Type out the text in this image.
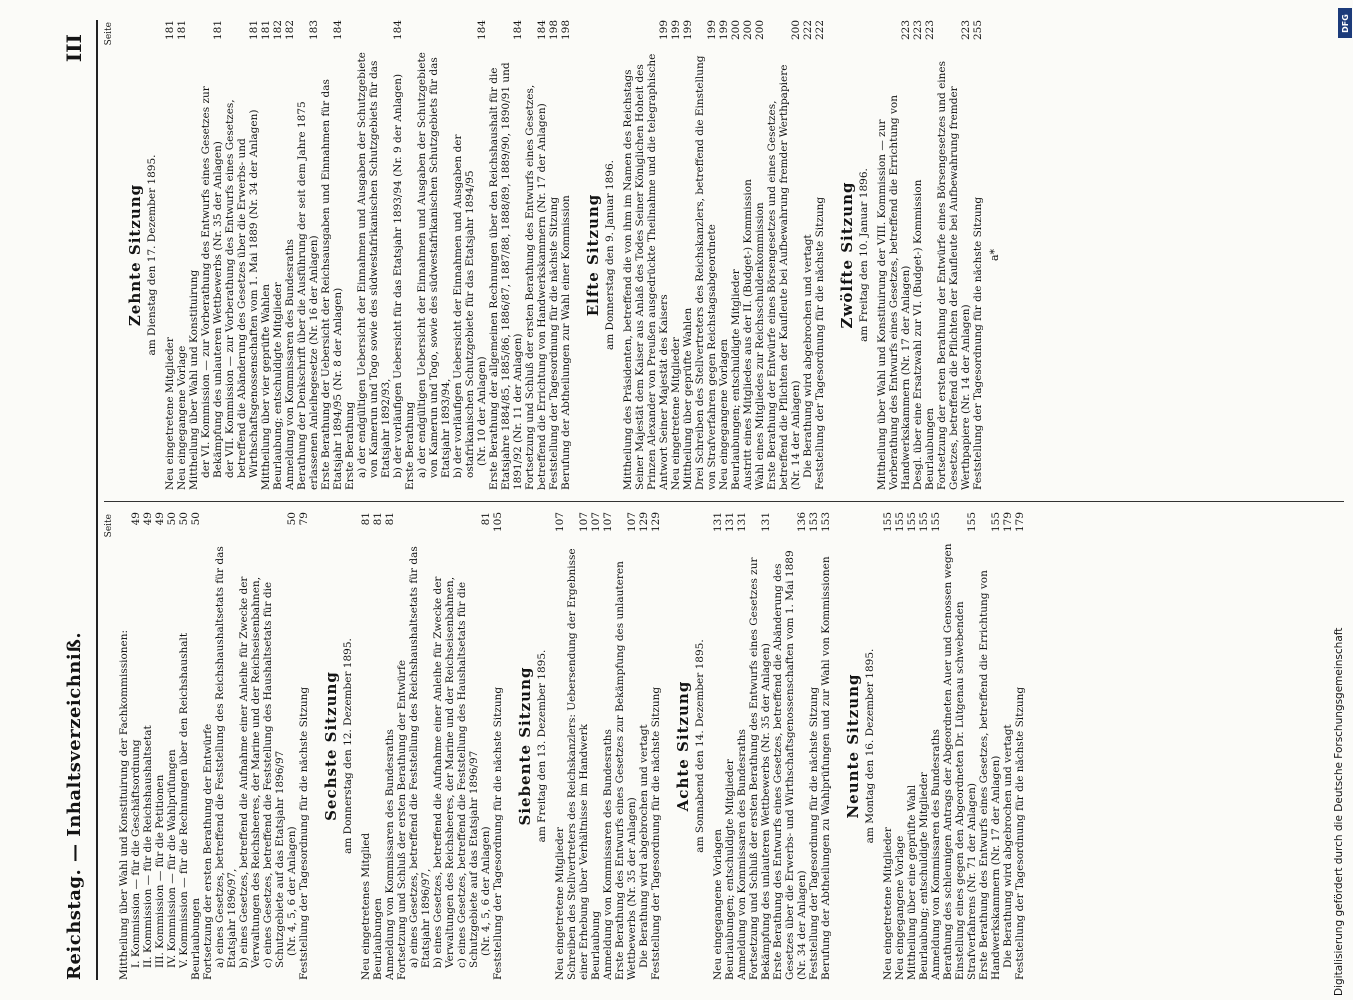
Reichstag. — Inhaltsverzeichniß.
III
Seite
Mittheilung über Wahl und Konstituirung der Fachkommissionen: I. Kommission — für die Geschäftsordnung
49
II. Kommission — für die Reichshaushaltsetat
49
III. Kommission — für die Petitionen
49
IV. Kommission — für die Wahlprüfungen
50
V. Kommission — für die Rechnungen über den Reichshaushalt
50
Beurlaubungen
50
Fortsetzung der ersten Berathung der Entwürfe a) eines Gesetzes, betreffend die Feststellung des Reichshaushaltsetats für das Etatsjahr 1896/97, b) eines Gesetzes, betreffend die Aufnahme einer Anleihe für Zwecke der Verwaltungen des Reichsheeres, der Marine und der Reichseisenbahnen, c) eines Gesetzes, betreffend die Feststellung des Haushaltsetats für die Schutzgebiete auf das Etatsjahr 1896/97 (Nr. 4, 5, 6 der Anlagen)
50
Feststellung der Tagesordnung für die nächste Sitzung
79
Sechste Sitzung am Donnerstag den 12. Dezember 1895.
Neu eingetretenes Mitglied
81
Beurlaubungen
81
Anmeldung von Kommissaren des Bundesraths
81
Fortsetzung und Schluß der ersten Berathung der Entwürfe a) eines Gesetzes, betreffend die Feststellung des Reichshaushaltsetats für das Etatsjahr 1896/97, b) eines Gesetzes, betreffend die Aufnahme einer Anleihe für Zwecke der Verwaltungen des Reichsheeres, der Marine und der Reichseisenbahnen, c) eines Gesetzes, betreffend die Feststellung des Haushaltsetats für die Schutzgebiete auf das Etatsjahr 1896/97 (Nr. 4, 5, 6 der Anlagen)
81
Feststellung der Tagesordnung für die nächste Sitzung
105
Siebente Sitzung am Freitag den 13. Dezember 1895.
Neu eingetretene Mitglieder
107
Schreiben des Stellvertreters des Reichskanzlers: Uebersendung der Ergebnisse einer Erhebung über Verhältnisse im Handwerk
107
Beurlaubung
107
Anmeldung von Kommissaren des Bundesraths
107
Erste Berathung des Entwurfs eines Gesetzes zur Bekämpfung des unlauteren Wettbewerbs (Nr. 35 der Anlagen)
107
Die Berathung wird abgebrochen und vertagt
129
Feststellung der Tagesordnung für die nächste Sitzung
129
Achte Sitzung am Sonnabend den 14. Dezember 1895.
Neu eingegangene Vorlagen
131
Beurlaubungen; entschuldigte Mitglieder
131
Anmeldung von Kommissaren des Bundesraths
131
Fortsetzung und Schluß der ersten Berathung des Entwurfs eines Gesetzes zur Bekämpfung des unlauteren Wettbewerbs (Nr. 35 der Anlagen)
131
Erste Berathung des Entwurfs eines Gesetzes, betreffend die Abänderung des Gesetzes über die Erwerbs- und Wirthschaftsgenossenschaften vom 1. Mai 1889 (Nr. 34 der Anlagen)
136
Feststellung der Tagesordnung für die nächste Sitzung
153
Berufung der Abtheilungen zu Wahlprüfungen und zur Wahl von Kommissionen
153
Neunte Sitzung am Montag den 16. Dezember 1895.
Neu eingetretene Mitglieder
155
Neu eingegangene Vorlage
155
Mittheilung über eine geprüfte Wahl
155
Beurlaubung; entschuldigte Mitglieder
155
Anmeldung von Kommissaren des Bundesraths
155
Berathung des schleunigen Antrags der Abgeordneten Auer und Genossen wegen Einstellung eines gegen den Abgeordneten Dr. Lütgenau schwebenden Strafverfahrens (Nr. 71 der Anlagen)
155
Erste Berathung des Entwurfs eines Gesetzes, betreffend die Errichtung von Handwerkskammern (Nr. 17 der Anlagen)
155
Die Berathung wird abgebrochen und vertagt
179
Feststellung der Tagesordnung für die nächste Sitzung
179
Seite
Zehnte Sitzung am Dienstag den 17. Dezember 1895.
Neu eingetretene Mitglieder
181
Neu eingegangene Vorlage
181
Mittheilung über Wahl und Konstituirung der VI. Kommission — zur Vorberathung des Entwurfs eines Gesetzes zur Bekämpfung des unlauteren Wettbewerbs (Nr. 35 der Anlagen)
181
der VII. Kommission — zur Vorberathung des Entwurfs eines Gesetzes, betreffend die Abänderung des Gesetzes über die Erwerbs- und Wirthschaftsgenossenschaften vom 1. Mai 1889 (Nr. 34 der Anlagen)
181
Mittheilung über vier geprüfte Wahlen
181
Beurlaubung; entschuldigte Mitglieder
182
Anmeldung von Kommissaren des Bundesraths
182
Berathung der Denkschrift über die Ausführung der seit dem Jahre 1875 erlassenen Anleihegesetze (Nr. 16 der Anlagen)
183
Erste Berathung der Uebersicht der Reichsausgaben und Einnahmen für das Etatsjahr 1894/95 (Nr. 8 der Anlagen)
184
Erste Berathung a) der endgültigen Uebersicht der Einnahmen und Ausgaben der Schutzgebiete von Kamerun und Togo sowie des südwestafrikanischen Schutzgebiets für das Etatsjahr 1892/93, b) der vorläufigen Uebersicht für das Etatsjahr 1893/94 (Nr. 9 der Anlagen)
184
Erste Berathung a) der endgültigen Uebersicht der Einnahmen und Ausgaben der Schutzgebiete von Kamerun und Togo, sowie des südwestafrikanischen Schutzgebiets für das Etatsjahr 1893/94, b) der vorläufigen Uebersicht der Einnahmen und Ausgaben der ostafrikanischen Schutzgebiete für das Etatsjahr 1894/95 (Nr. 10 der Anlagen)
184
Erste Berathung der allgemeinen Rechnungen über den Reichshaushalt für die Etatsjahre 1884/85, 1885/86, 1886/87, 1887/88, 1888/89, 1889/90, 1890/91 und 1891/92 (Nr. 11 der Anlagen)
184
Fortsetzung und Schluß der ersten Berathung des Entwurfs eines Gesetzes, betreffend die Errichtung von Handwerkskammern (Nr. 17 der Anlagen)
184
Feststellung der Tagesordnung für die nächste Sitzung
198
Berufung der Abtheilungen zur Wahl einer Kommission
198
Elfte Sitzung am Donnerstag den 9. Januar 1896. Mittheilung des Präsidenten, betreffend die von ihm im Namen des Reichstags Seiner Majestät dem Kaiser aus Anlaß des Todes Seiner Königlichen Hoheit des Prinzen Alexander von Preußen ausgedrückte Theilnahme und die telegraphische Antwort Seiner Majestät des Kaisers
199
Neu eingetretene Mitglieder
199
Mittheilung über geprüfte Wahlen
199
Drei Schreiben des Stellvertreters des Reichskanzlers, betreffend die Einstellung von Strafverfahren gegen Reichstagsabgeordnete
199
Neu eingegangene Vorlagen
199
Beurlaubungen; entschuldigte Mitglieder
200
Austritt eines Mitgliedes aus der II. (Budget-) Kommission
200
Wahl eines Mitgliedes zur Reichsschuldenkommission
200
Erste Berathung der Entwürfe eines Börsengesetzes und eines Gesetzes, betreffend die Pflichten der Kaufleute bei Aufbewahrung fremder Werthpapiere (Nr. 14 der Anlagen)
200
Die Berathung wird abgebrochen und vertagt
222
Feststellung der Tagesordnung für die nächste Sitzung
222
Zwölfte Sitzung am Freitag den 10. Januar 1896. Mittheilung über Wahl und Konstituirung der VIII. Kommission — zur Vorberathung des Entwurfs eines Gesetzes, betreffend die Errichtung von Handwerkskammern (Nr. 17 der Anlagen)
223
Desgl. über eine Ersatzwahl zur VI. (Budget-) Kommission
223
Beurlaubungen
223
Fortsetzung der ersten Berathung der Entwürfe eines Börsengesetzes und eines Gesetzes, betreffend die Pflichten der Kaufleute bei Aufbewahrung fremder Werthpapiere (Nr. 14 der Anlagen)
223
Feststellung der Tagesordnung für die nächste Sitzung
255
a*
Digitalisierung gefördert durch die Deutsche Forschungsgemeinschaft
DFG
